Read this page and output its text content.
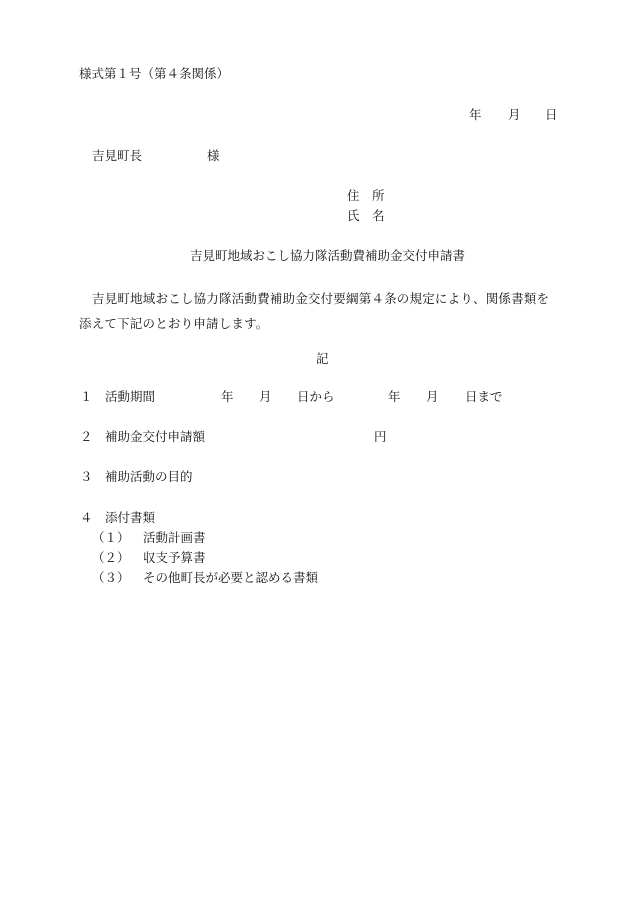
様式第１号（第４条関係）
年 月 日
吉見町長	様
住　所
氏　名
吉見町地域おこし協力隊活動費補助金交付申請書
吉見町地域おこし協力隊活動費補助金交付要綱第４条の規定により、関係書類を添えて下記のとおり申請します。
記
１ 活動期間	年 月 日から	年 月 日まで
２ 補助金交付申請額	円
３ 補助活動の目的
４ 添付書類
（１） 活動計画書
（２） 収支予算書
（３） その他町長が必要と認める書類
